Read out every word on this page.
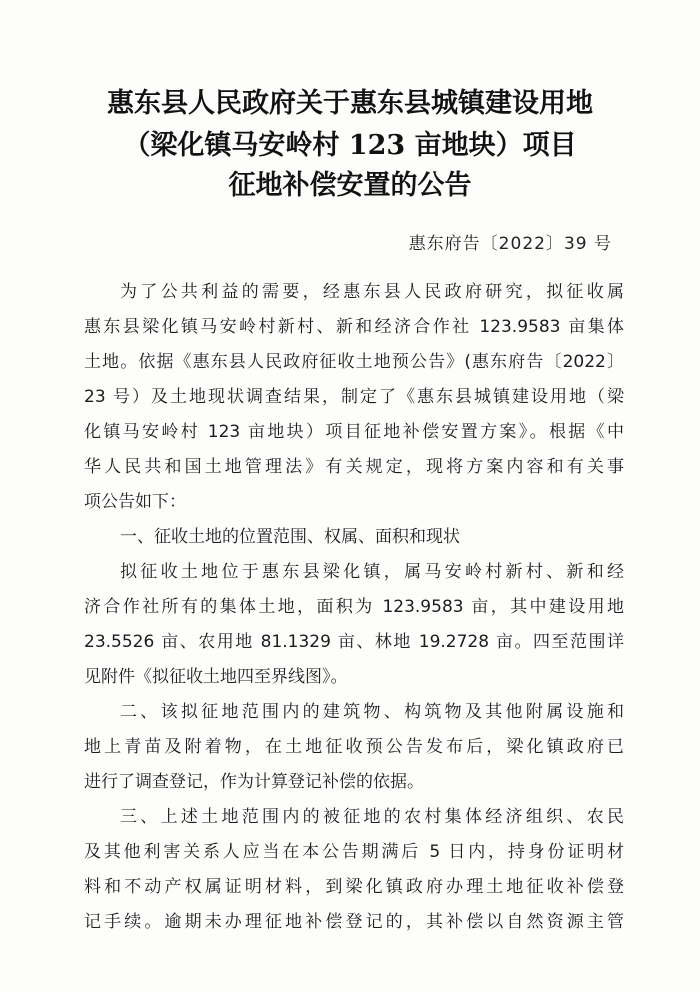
惠东县人民政府关于惠东县城镇建设用地
（梁化镇马安岭村 123 亩地块）项目
征地补偿安置的公告
惠东府告〔2022〕39 号
为了公共利益的需要，经惠东县人民政府研究，拟征收属
惠东县梁化镇马安岭村新村、新和经济合作社 123.9583 亩集体
土地。依据《惠东县人民政府征收土地预公告》(惠东府告〔2022〕
23 号）及土地现状调查结果，制定了《惠东县城镇建设用地（梁
化镇马安岭村 123 亩地块）项目征地补偿安置方案》。根据《中
华人民共和国土地管理法》有关规定，现将方案内容和有关事
项公告如下：
一、征收土地的位置范围、权属、面积和现状
拟征收土地位于惠东县梁化镇，属马安岭村新村、新和经
济合作社所有的集体土地，面积为 123.9583 亩，其中建设用地
23.5526 亩、农用地 81.1329 亩、林地 19.2728 亩。四至范围详
见附件《拟征收土地四至界线图》。
二、该拟征地范围内的建筑物、构筑物及其他附属设施和
地上青苗及附着物，在土地征收预公告发布后，梁化镇政府已
进行了调查登记，作为计算登记补偿的依据。
三、上述土地范围内的被征地的农村集体经济组织、农民
及其他利害关系人应当在本公告期满后 5 日内，持身份证明材
料和不动产权属证明材料，到梁化镇政府办理土地征收补偿登
记手续。逾期未办理征地补偿登记的，其补偿以自然资源主管
